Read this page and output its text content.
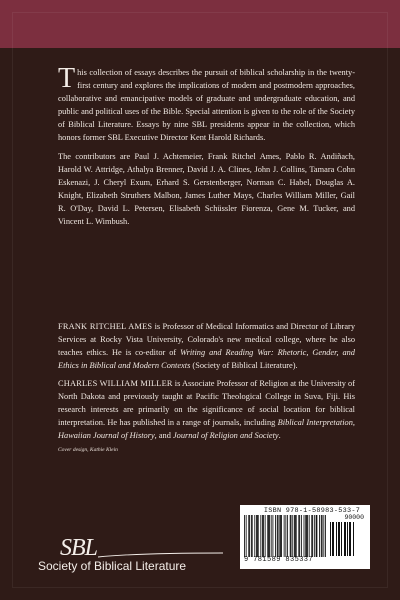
This collection of essays describes the pursuit of biblical scholarship in the twenty-first century and explores the implications of modern and postmodern approaches, collaborative and emancipative models of graduate and undergraduate education, and public and political uses of the Bible. Special attention is given to the role of the Society of Biblical Literature. Essays by nine SBL presidents appear in the collection, which honors former SBL Executive Director Kent Harold Richards.

The contributors are Paul J. Achtemeier, Frank Ritchel Ames, Pablo R. Andiñach, Harold W. Attridge, Athalya Brenner, David J. A. Clines, John J. Collins, Tamara Cohn Eskenazi, J. Cheryl Exum, Erhard S. Gerstenberger, Norman C. Habel, Douglas A. Knight, Elizabeth Struthers Malbon, James Luther Mays, Charles William Miller, Gail R. O'Day, David L. Petersen, Elisabeth Schüssler Fiorenza, Gene M. Tucker, and Vincent L. Wimbush.

FRANK RITCHEL AMES is Professor of Medical Informatics and Director of Library Services at Rocky Vista University, Colorado's new medical college, where he also teaches ethics. He is co-editor of Writing and Reading War: Rhetoric, Gender, and Ethics in Biblical and Modern Contexts (Society of Biblical Literature).

CHARLES WILLIAM MILLER is Associate Professor of Religion at the University of North Dakota and previously taught at Pacific Theological College in Suva, Fiji. His research interests are primarily on the significance of social location for biblical interpretation. He has published in a range of journals, including Biblical Interpretation, Hawaiian Journal of History, and Journal of Religion and Society.

Cover design, Kathie Klein
ISBN 978-1-58983-533-7
90000
9 781589 835337
SBL
Society of Biblical Literature
